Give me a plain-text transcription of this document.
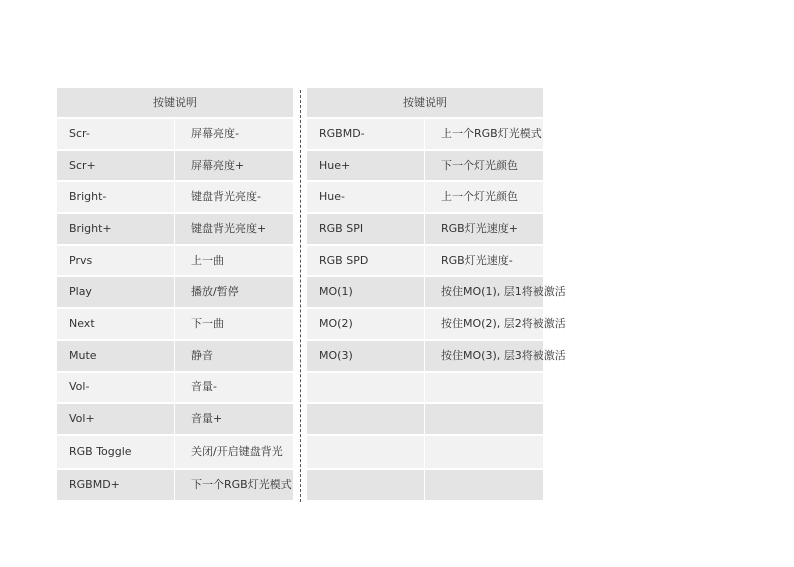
按键说明	
Scr-	屏幕亮度-
Scr+	屏幕亮度+
Bright-	键盘背光亮度-
Bright+	键盘背光亮度+
Prvs	上一曲
Play	播放/暂停
Next	下一曲
Mute	静音
Vol-	音量-
Vol+	音量+
RGB Toggle	关闭/开启键盘背光
RGBMD+	下一个RGB灯光模式
按键说明	
RGBMD-	上一个RGB灯光模式
Hue+	下一个灯光颜色
Hue-	上一个灯光颜色
RGB SPI	RGB灯光速度+
RGB SPD	RGB灯光速度-
MO(1)	按住MO(1), 层1将被激活
MO(2)	按住MO(2), 层2将被激活
MO(3)	按住MO(3), 层3将被激活
